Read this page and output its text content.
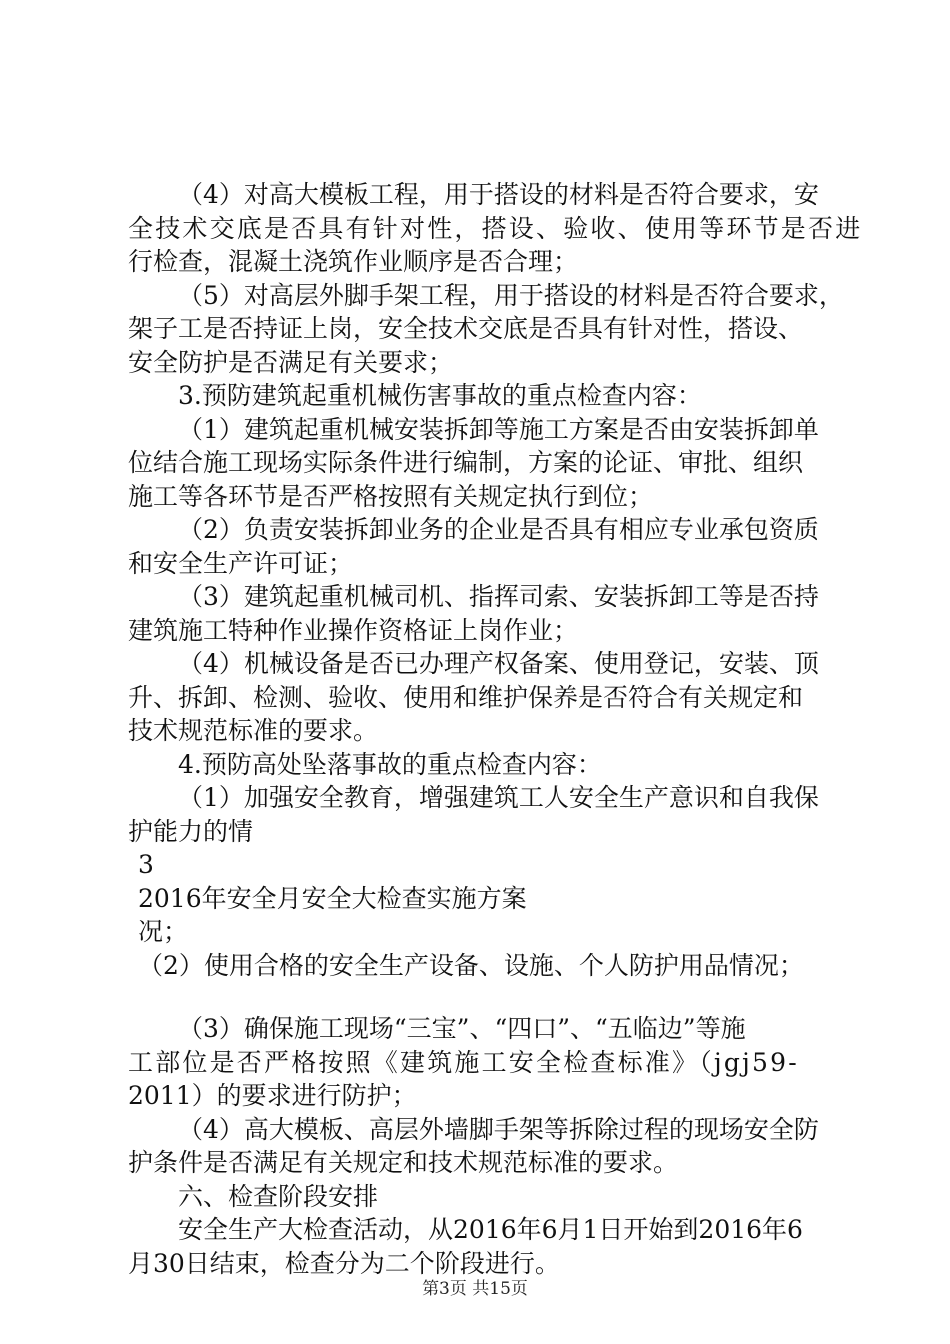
（4）对高大模板工程，用于搭设的材料是否符合要求，安
全技术交底是否具有针对性，搭设、验收、使用等环节是否进
行检查，混凝土浇筑作业顺序是否合理；
（5）对高层外脚手架工程，用于搭设的材料是否符合要求，
架子工是否持证上岗，安全技术交底是否具有针对性，搭设、
安全防护是否满足有关要求；
3.预防建筑起重机械伤害事故的重点检查内容：
（1）建筑起重机械安装拆卸等施工方案是否由安装拆卸单
位结合施工现场实际条件进行编制，方案的论证、审批、组织
施工等各环节是否严格按照有关规定执行到位；
（2）负责安装拆卸业务的企业是否具有相应专业承包资质
和安全生产许可证；
（3）建筑起重机械司机、指挥司索、安装拆卸工等是否持
建筑施工特种作业操作资格证上岗作业；
（4）机械设备是否已办理产权备案、使用登记，安装、顶
升、拆卸、检测、验收、使用和维护保养是否符合有关规定和
技术规范标准的要求。
4.预防高处坠落事故的重点检查内容：
（1）加强安全教育，增强建筑工人安全生产意识和自我保
护能力的情
3
2016年安全月安全大检查实施方案
况；
（2）使用合格的安全生产设备、设施、个人防护用品情况；
（3）确保施工现场“三宝”、“四口”、“五临边”等施
工部位是否严格按照《建筑施工安全检查标准》（jgj59-
2011）的要求进行防护；
（4）高大模板、高层外墙脚手架等拆除过程的现场安全防
护条件是否满足有关规定和技术规范标准的要求。
六、检查阶段安排
安全生产大检查活动，从2016年6月1日开始到2016年6
月30日结束，检查分为二个阶段进行。
第3页 共15页
